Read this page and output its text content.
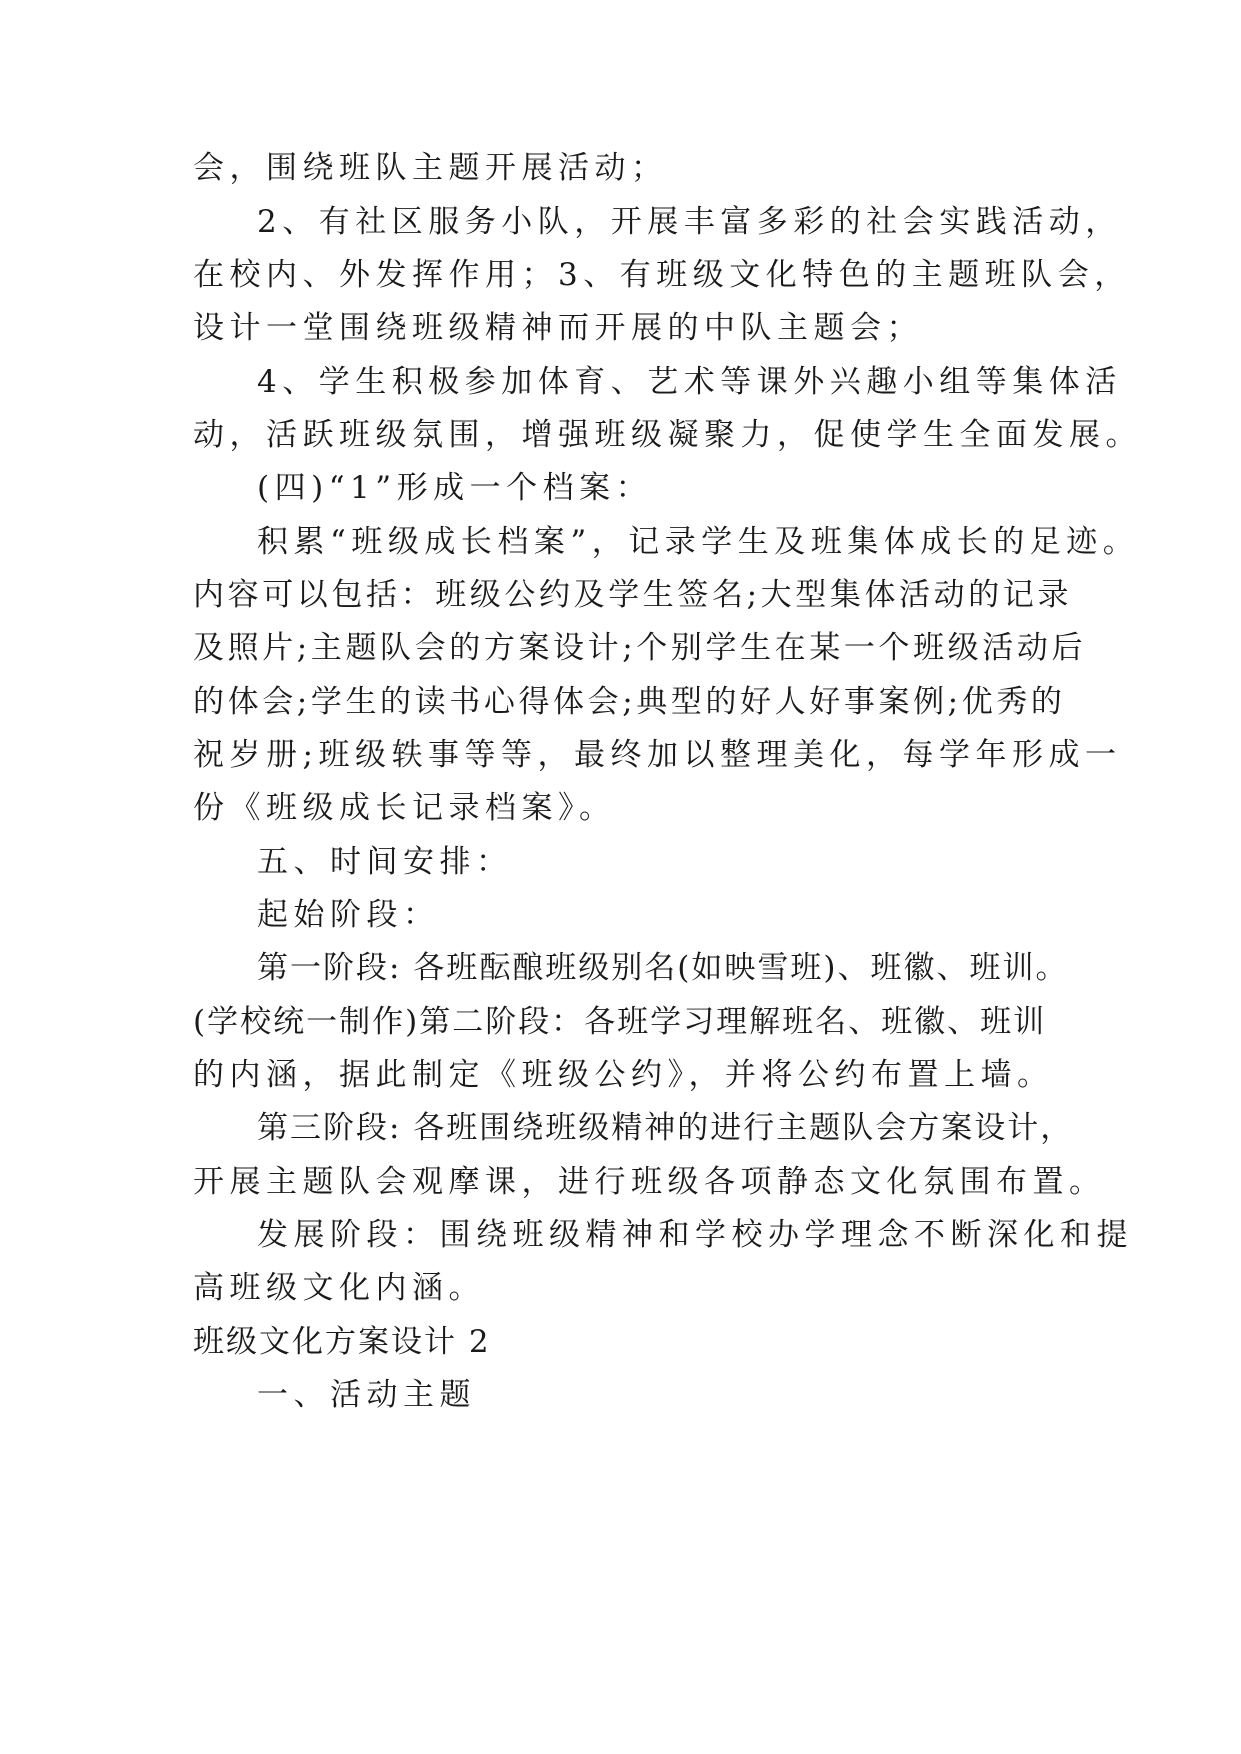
会，围绕班队主题开展活动；
2、有社区服务小队，开展丰富多彩的社会实践活动，
在校内、外发挥作用；3、有班级文化特色的主题班队会，
设计一堂围绕班级精神而开展的中队主题会；
4、学生积极参加体育、艺术等课外兴趣小组等集体活
动，活跃班级氛围，增强班级凝聚力，促使学生全面发展。
(四)“1”形成一个档案：
积累“班级成长档案”，记录学生及班集体成长的足迹。
内容可以包括：班级公约及学生签名;大型集体活动的记录
及照片;主题队会的方案设计;个别学生在某一个班级活动后
的体会;学生的读书心得体会;典型的好人好事案例;优秀的
祝岁册;班级轶事等等，最终加以整理美化，每学年形成一
份《班级成长记录档案》。
五、时间安排：
起始阶段：
第一阶段: 各班酝酿班级别名(如映雪班)、班徽、班训。
(学校统一制作)第二阶段：各班学习理解班名、班徽、班训
的内涵，据此制定《班级公约》，并将公约布置上墙。
第三阶段: 各班围绕班级精神的进行主题队会方案设计，
开展主题队会观摩课，进行班级各项静态文化氛围布置。
发展阶段：围绕班级精神和学校办学理念不断深化和提
高班级文化内涵。
班级文化方案设计 2
一、活动主题
